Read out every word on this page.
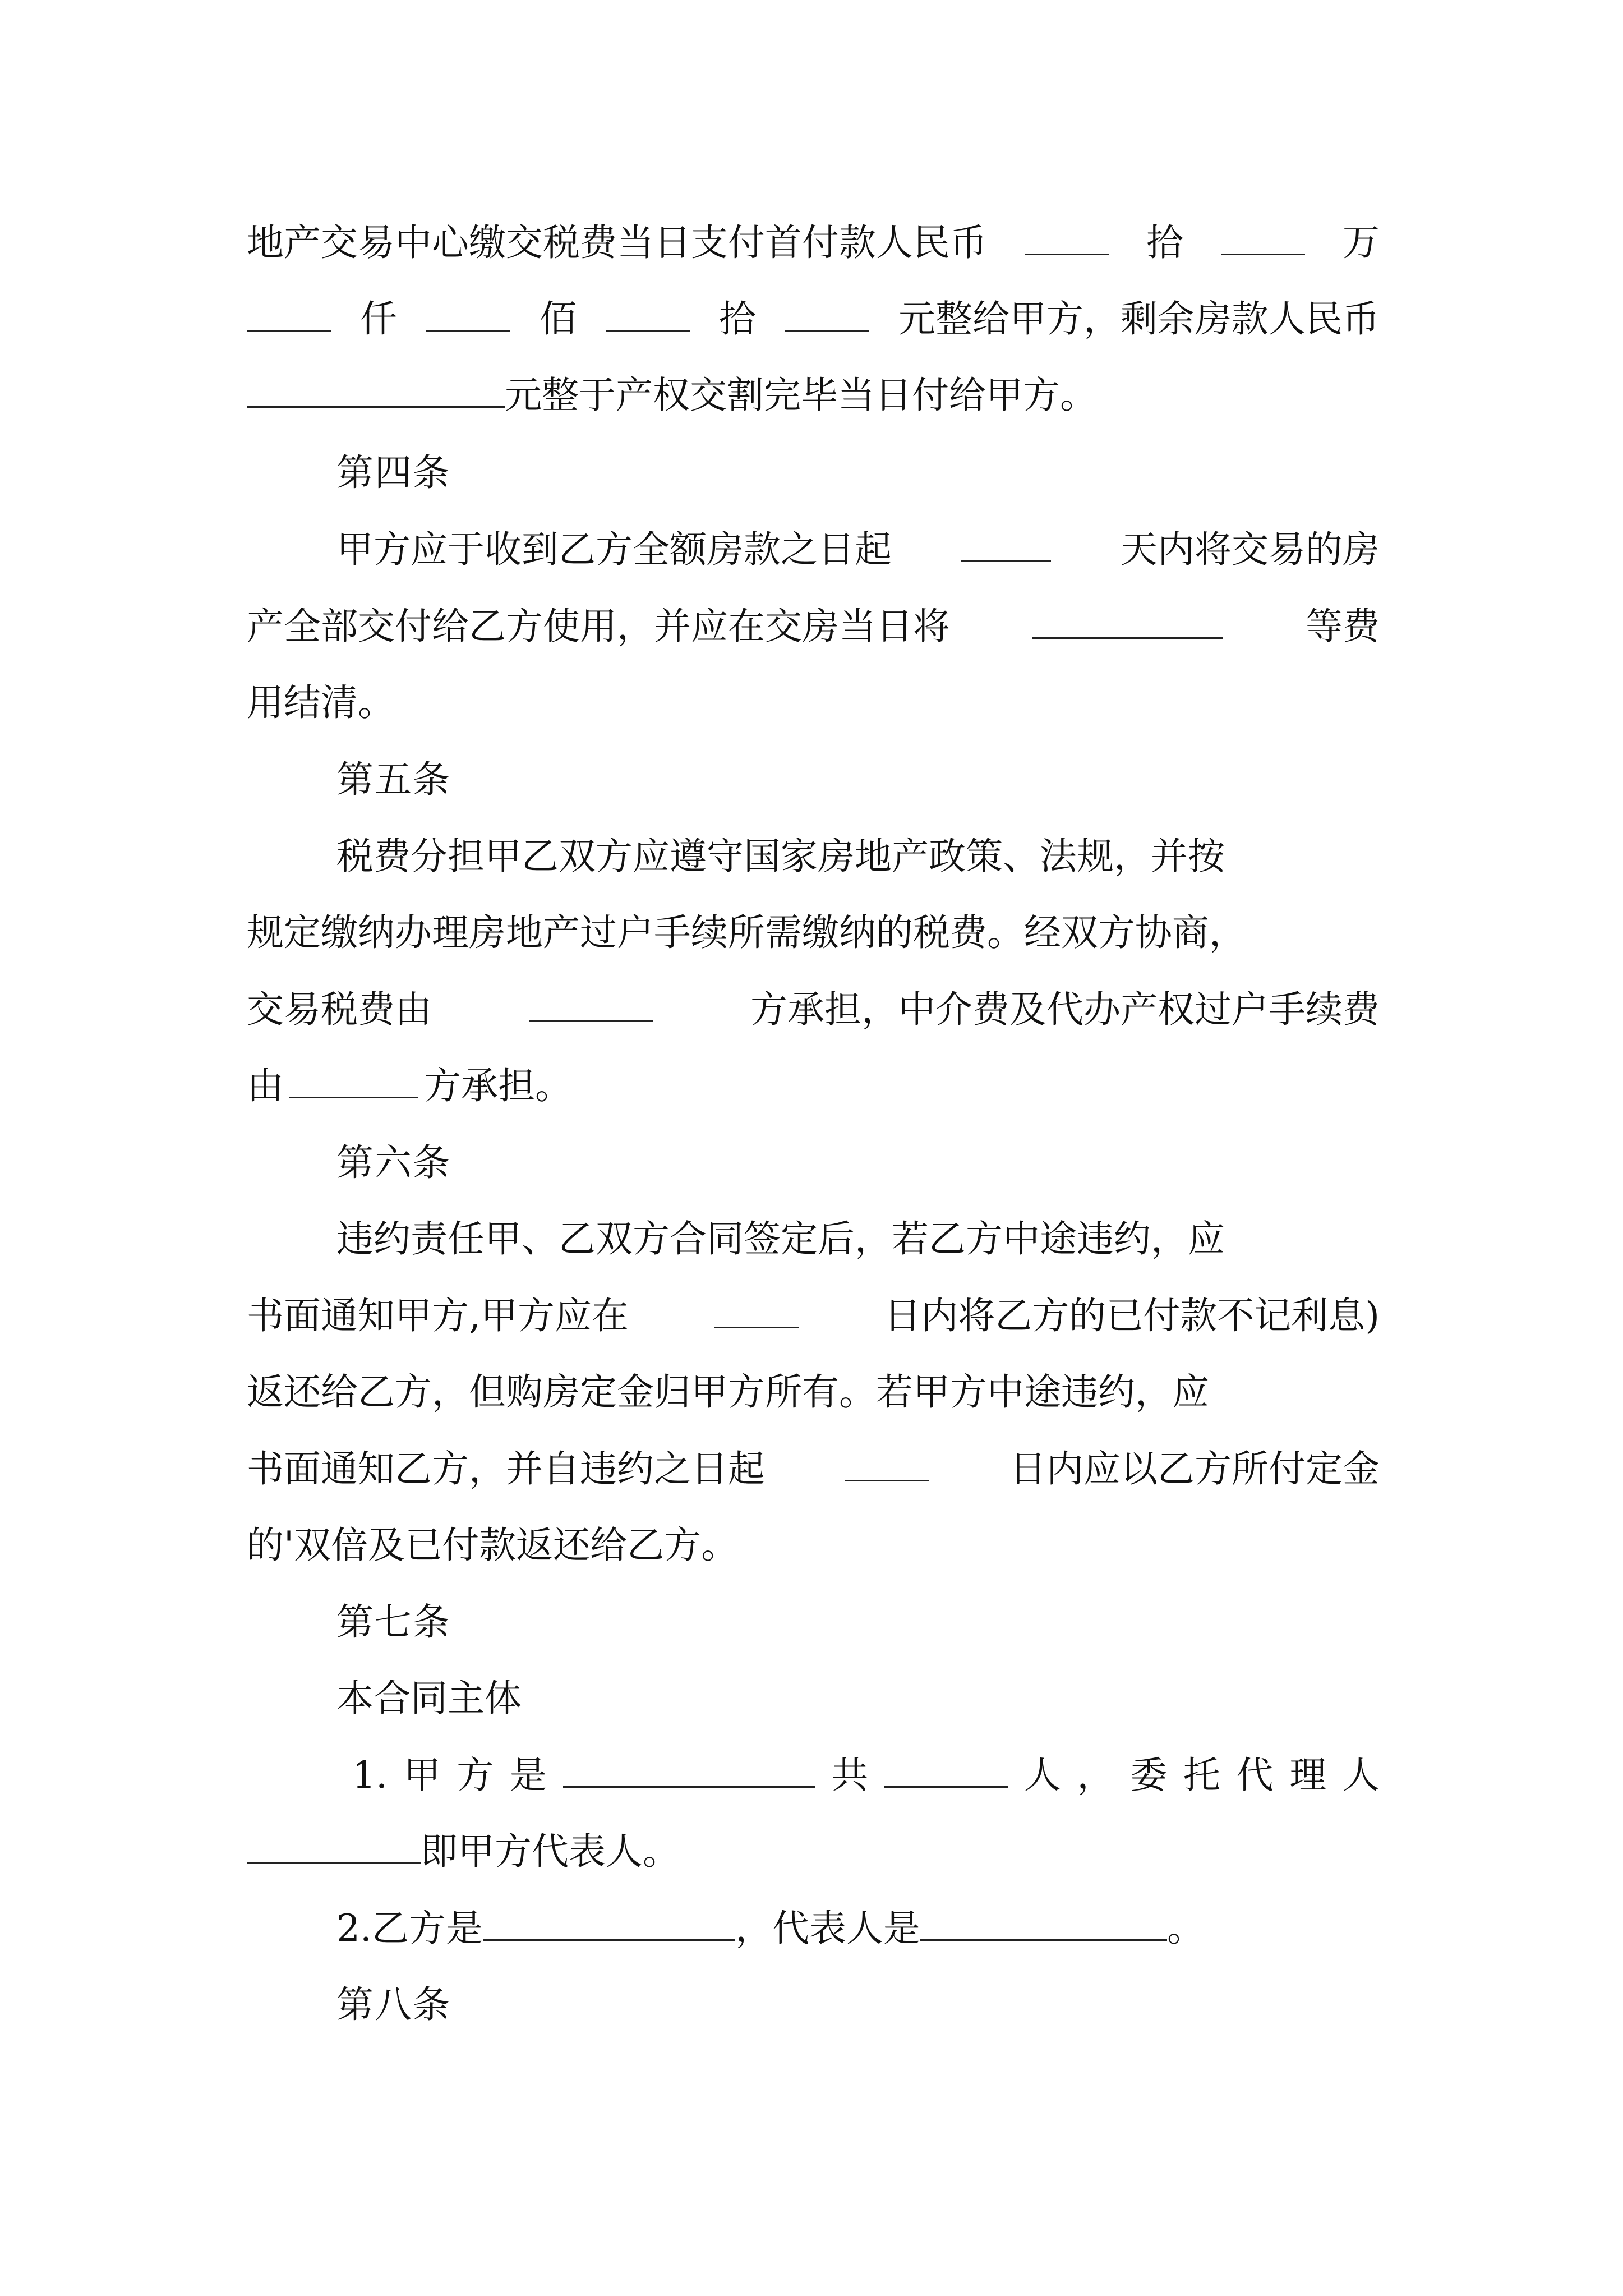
地产交易中心缴交税费当日支付首付款人民币	拾	万
仟	佰	拾	元整给甲方，剩余房款人民币
元整于产权交割完毕当日付给甲方。
第四条
甲方应于收到乙方全额房款之日起	天内将交易的房
产全部交付给乙方使用，并应在交房当日将	等费
用结清。
第五条
税费分担甲乙双方应遵守国家房地产政策、法规，并按
规定缴纳办理房地产过户手续所需缴纳的税费。经双方协商，
交易税费由	方承担，中介费及代办产权过户手续费
由	方承担。
第六条
违约责任甲、乙双方合同签定后，若乙方中途违约，应
书面通知甲方,甲方应在	日内将乙方的已付款不记利息)
返还给乙方，但购房定金归甲方所有。若甲方中途违约，应
书面通知乙方，并自违约之日起	日内应以乙方所付定金
的'双倍及已付款返还给乙方。
第七条
本合同主体
1. 甲 方 是	共	人 ， 委 托 代 理 人
即甲方代表人。
2.乙方是	，代表人是	。
第八条
